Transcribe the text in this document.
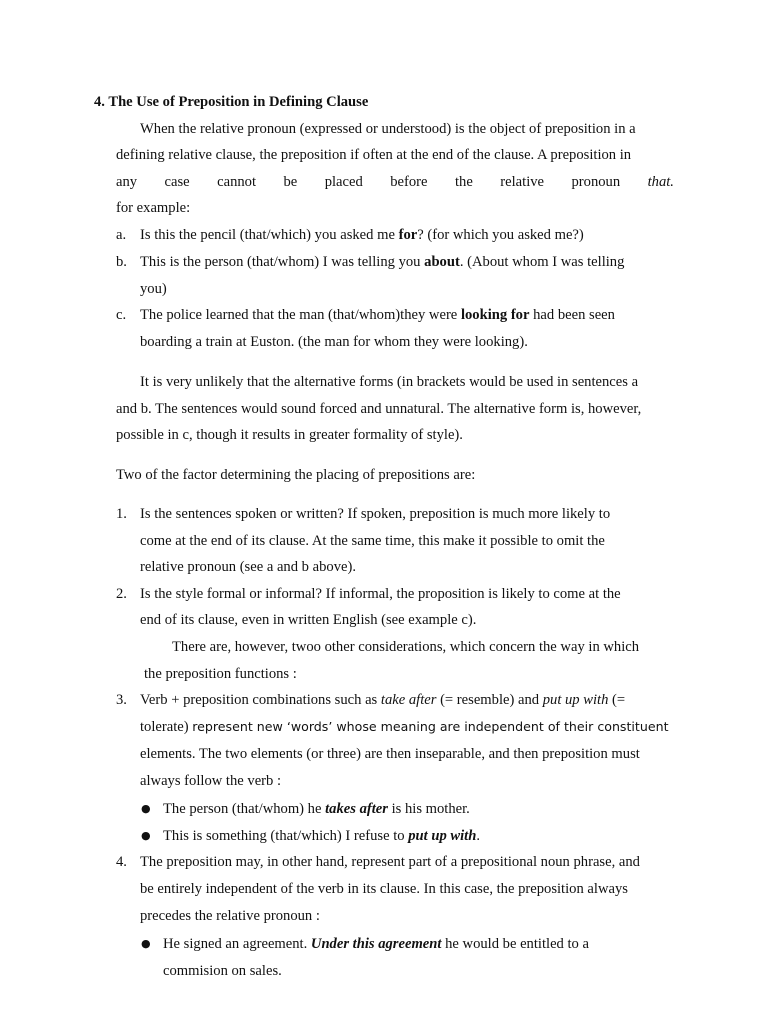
4. The Use of Preposition in Defining Clause
When the relative pronoun (expressed or understood) is the object of preposition in a
defining relative clause, the preposition if often at the end of the clause. A preposition in
any case cannot be placed before the relative pronoun that.
for example:
a. Is this the pencil (that/which) you asked me for? (for which you asked me?)
b. This is the person (that/whom) I was telling you about. (About whom I was telling
you)
c. The police learned that the man (that/whom)they were looking for had been seen
boarding a train at Euston. (the man for whom they were looking).
It is very unlikely that the alternative forms (in brackets would be used in sentences a
and b. The sentences would sound forced and unnatural. The alternative form is, however,
possible in c, though it results in greater formality of style).
Two of the factor determining the placing of prepositions are:
1. Is the sentences spoken or written? If spoken, preposition is much more likely to
come at the end of its clause. At the same time, this make it possible to omit the
relative pronoun (see a and b above).
2. Is the style formal or informal? If informal, the proposition is likely to come at the
end of its clause, even in written English (see example c).
There are, however, twoo other considerations, which concern the way in which
the preposition functions :
3. Verb + preposition combinations such as take after (= resemble) and put up with (=
tolerate) represent new ‘words’ whose meaning are independent of their constituent
elements. The two elements (or three) are then inseparable, and then preposition must
always follow the verb :
● The person (that/whom) he takes after is his mother.
● This is something (that/which) I refuse to put up with.
4. The preposition may, in other hand, represent part of a prepositional noun phrase, and
be entirely independent of the verb in its clause. In this case, the preposition always
precedes the relative pronoun :
● He signed an agreement. Under this agreement he would be entitled to a
commision on sales.
